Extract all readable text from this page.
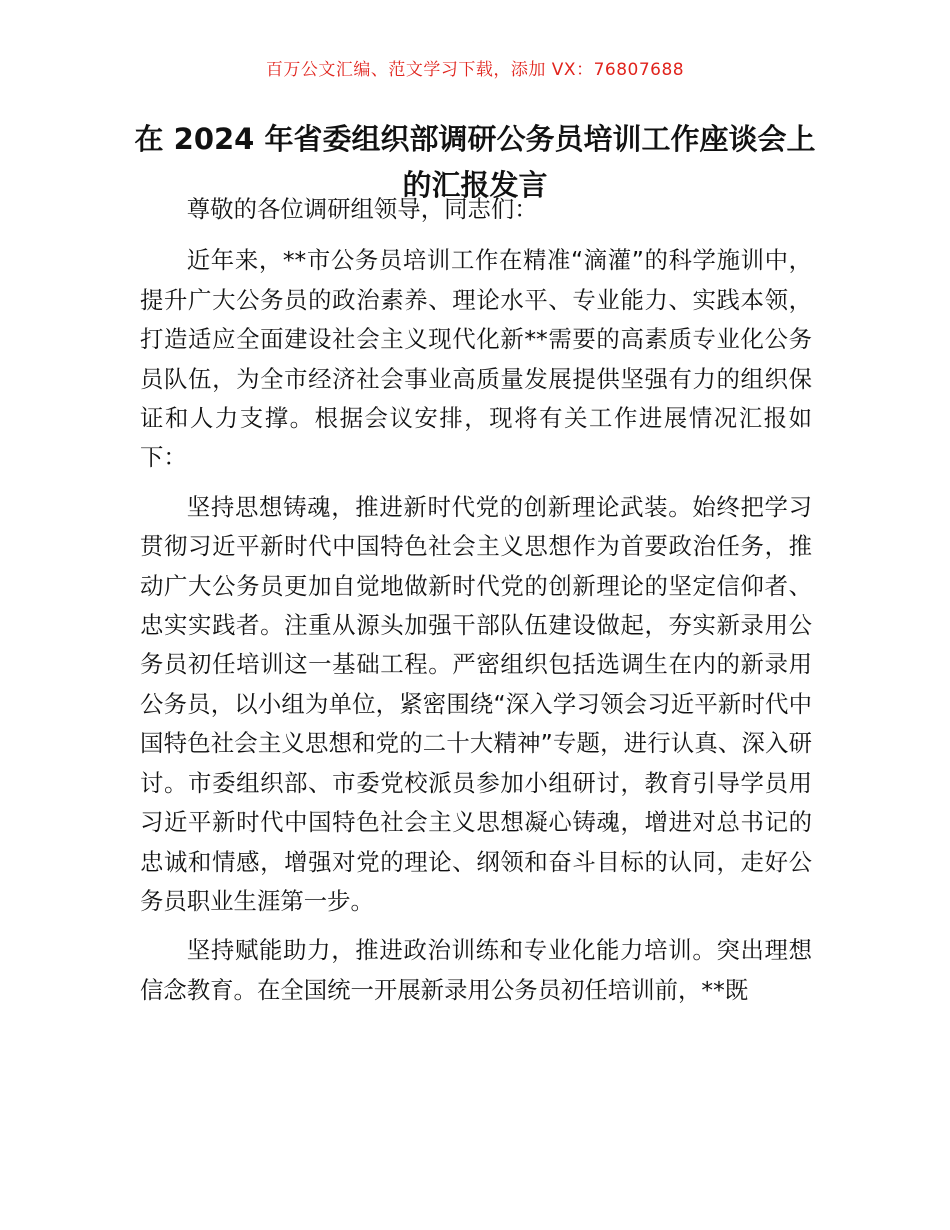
百万公文汇编、范文学习下载，添加 VX：76807688
在 2024 年省委组织部调研公务员培训工作座谈会上的汇报发言

尊敬的各位调研组领导，同志们：

近年来，**市公务员培训工作在精准“滴灌”的科学施训中，提升广大公务员的政治素养、理论水平、专业能力、实践本领，打造适应全面建设社会主义现代化新**需要的高素质专业化公务员队伍，为全市经济社会事业高质量发展提供坚强有力的组织保证和人力支撑。根据会议安排，现将有关工作进展情况汇报如下：

坚持思想铸魂，推进新时代党的创新理论武装。始终把学习贯彻习近平新时代中国特色社会主义思想作为首要政治任务，推动广大公务员更加自觉地做新时代党的创新理论的坚定信仰者、忠实实践者。注重从源头加强干部队伍建设做起，夯实新录用公务员初任培训这一基础工程。严密组织包括选调生在内的新录用公务员，以小组为单位，紧密围绕“深入学习领会习近平新时代中国特色社会主义思想和党的二十大精神”专题，进行认真、深入研讨。市委组织部、市委党校派员参加小组研讨，教育引导学员用习近平新时代中国特色社会主义思想凝心铸魂，增进对总书记的忠诚和情感，增强对党的理论、纲领和奋斗目标的认同，走好公务员职业生涯第一步。

坚持赋能助力，推进政治训练和专业化能力培训。突出理想信念教育。在全国统一开展新录用公务员初任培训前，**既
